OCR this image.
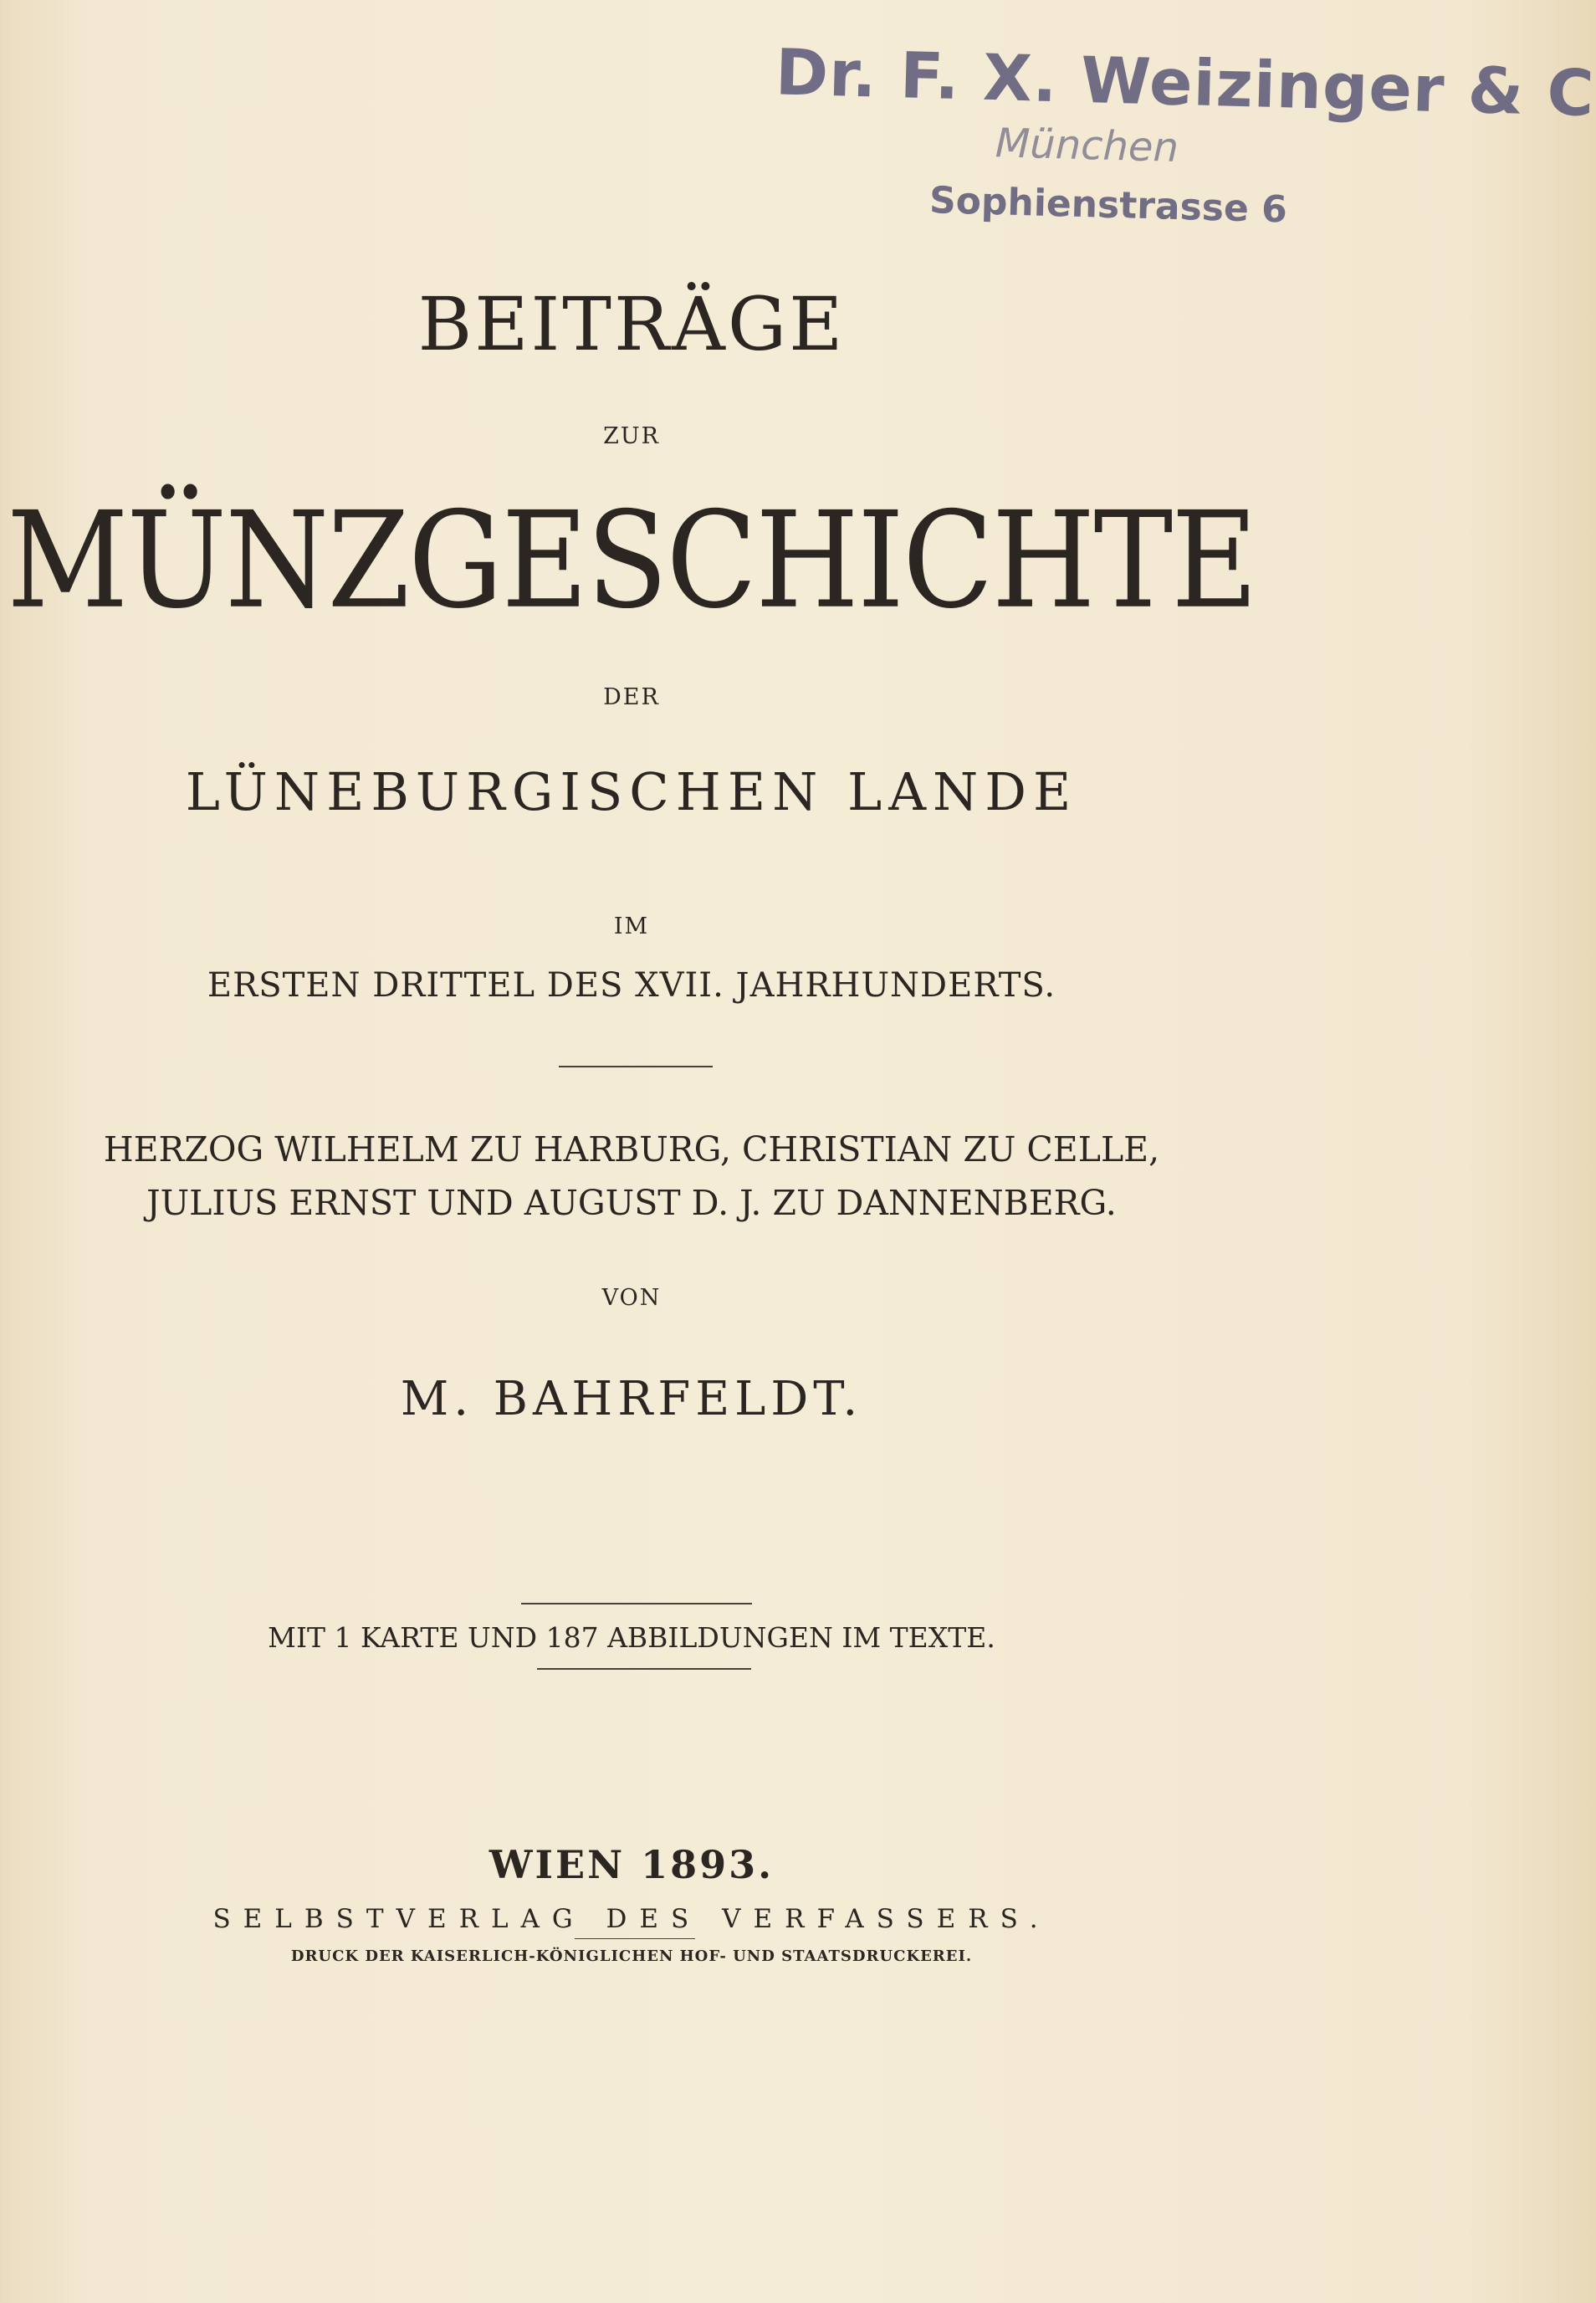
Dr. F. X. Weizinger & C
München
Sophienstrasse 6
BEITRÄGE
ZUR
MÜNZGESCHICHTE
DER
LÜNEBURGISCHEN LANDE
IM
ERSTEN DRITTEL DES XVII. JAHRHUNDERTS.
HERZOG WILHELM ZU HARBURG, CHRISTIAN ZU CELLE,
JULIUS ERNST UND AUGUST D. J. ZU DANNENBERG.
VON
M. BAHRFELDT.
MIT 1 KARTE UND 187 ABBILDUNGEN IM TEXTE.
WIEN 1893.
SELBSTVERLAG DES VERFASSERS.
DRUCK DER KAISERLICH-KÖNIGLICHEN HOF- UND STAATSDRUCKEREI.
